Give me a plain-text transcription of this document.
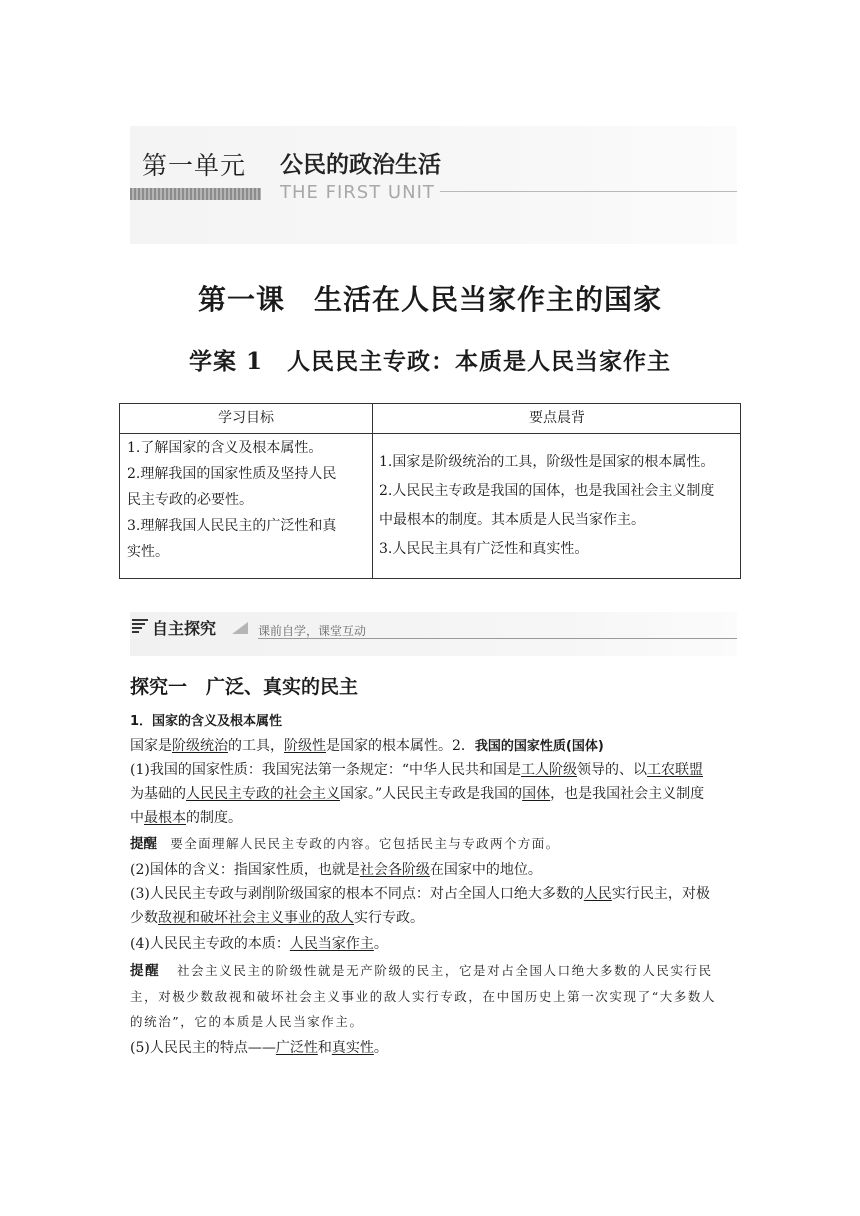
第一单元 公民的政治生活
THE FIRST UNIT
第一课　生活在人民当家作主的国家
学案 1　人民民主专政：本质是人民当家作主
学习目标	要点晨背
1.了解国家的含义及根本属性。
2.理解我国的国家性质及坚持人民
民主专政的必要性。
3.理解我国人民民主的广泛性和真
实性。
1.国家是阶级统治的工具，阶级性是国家的根本属性。
2.人民民主专政是我国的国体，也是我国社会主义制度
中最根本的制度。其本质是人民当家作主。
3.人民民主具有广泛性和真实性。
自主探究	课前自学，课堂互动
探究一　广泛、真实的民主
1．国家的含义及根本属性
国家是阶级统治的工具，阶级性是国家的根本属性。2．我国的国家性质(国体)
(1)我国的国家性质：我国宪法第一条规定：“中华人民共和国是工人阶级领导的、以工农联盟
为基础的人民民主专政的社会主义国家。”人民民主专政是我国的国体，也是我国社会主义制度
中最根本的制度。
提醒 要全面理解人民民主专政的内容。它包括民主与专政两个方面。
(2)国体的含义：指国家性质，也就是社会各阶级在国家中的地位。
(3)人民民主专政与剥削阶级国家的根本不同点：对占全国人口绝大多数的人民实行民主，对极
少数敌视和破坏社会主义事业的敌人实行专政。
(4)人民民主专政的本质：人民当家作主。
提醒 社会主义民主的阶级性就是无产阶级的民主，它是对占全国人口绝大多数的人民实行民
主，对极少数敌视和破坏社会主义事业的敌人实行专政，在中国历史上第一次实现了“大多数人
的统治”，它的本质是人民当家作主。
(5)人民民主的特点——广泛性和真实性。
